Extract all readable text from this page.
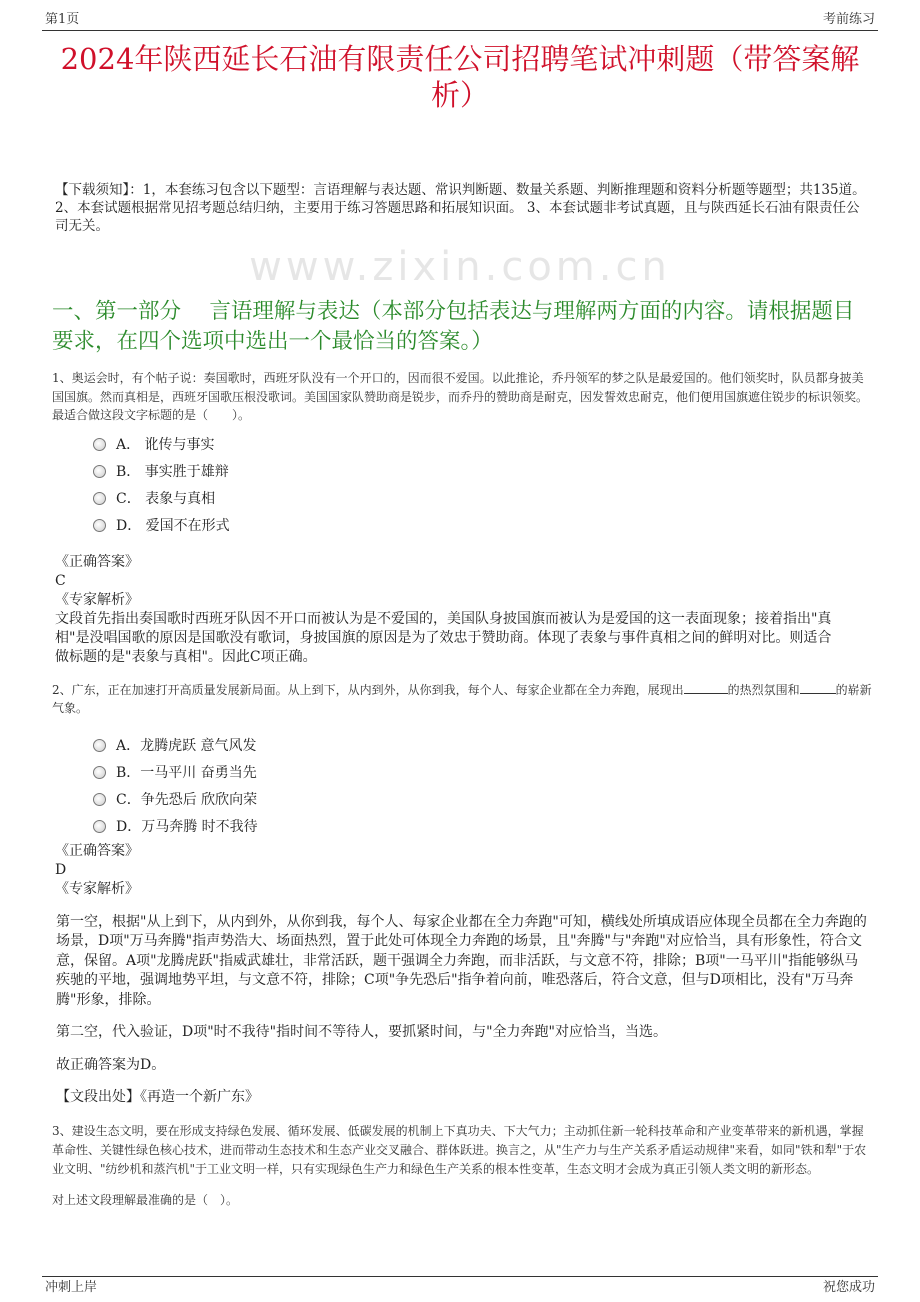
第1页	考前练习
2024年陕西延长石油有限责任公司招聘笔试冲刺题（带答案解析）
【下载须知】：1，本套练习包含以下题型：言语理解与表达题、常识判断题、数量关系题、判断推理题和资料分析题等题型；共135道。 2、本套试题根据常见招考题总结归纳，主要用于练习答题思路和拓展知识面。 3、本套试题非考试真题，且与陕西延长石油有限责任公司无关。
www.zixin.com.cn
一、第一部分　 言语理解与表达（本部分包括表达与理解两方面的内容。请根据题目要求，在四个选项中选出一个最恰当的答案。）
1、奥运会时，有个帖子说：奏国歌时，西班牙队没有一个开口的，因而很不爱国。以此推论，乔丹领军的梦之队是最爱国的。他们领奖时，队员都身披美国国旗。然而真相是，西班牙国歌压根没歌词。美国国家队赞助商是锐步，而乔丹的赞助商是耐克，因发誓效忠耐克，他们便用国旗遮住锐步的标识领奖。
最适合做这段文字标题的是（　　）。
A． 讹传与事实
B． 事实胜于雄辩
C． 表象与真相
D． 爱国不在形式
《正确答案》
C
《专家解析》
文段首先指出奏国歌时西班牙队因不开口而被认为是不爱国的，美国队身披国旗而被认为是爱国的这一表面现象；接着指出"真相"是没唱国歌的原因是国歌没有歌词，身披国旗的原因是为了效忠于赞助商。体现了表象与事件真相之间的鲜明对比。则适合做标题的是"表象与真相"。因此C项正确。
2、广东，正在加速打开高质量发展新局面。从上到下，从内到外，从你到我，每个人、每家企业都在全力奔跑，展现出	的热烈氛围和	的崭新气象。
A．龙腾虎跃 意气风发
B．一马平川 奋勇当先
C．争先恐后 欣欣向荣
D．万马奔腾 时不我待
《正确答案》
D
《专家解析》
第一空，根据"从上到下，从内到外，从你到我，每个人、每家企业都在全力奔跑"可知，横线处所填成语应体现全员都在全力奔跑的场景，D项"万马奔腾"指声势浩大、场面热烈，置于此处可体现全力奔跑的场景，且"奔腾"与"奔跑"对应恰当，具有形象性，符合文意，保留。A项"龙腾虎跃"指威武雄壮，非常活跃，题干强调全力奔跑，而非活跃，与文意不符，排除；B项"一马平川"指能够纵马疾驰的平地，强调地势平坦，与文意不符，排除；C项"争先恐后"指争着向前，唯恐落后，符合文意，但与D项相比，没有"万马奔腾"形象，排除。
第二空，代入验证，D项"时不我待"指时间不等待人，要抓紧时间，与"全力奔跑"对应恰当，当选。
故正确答案为D。
【文段出处】《再造一个新广东》
3、建设生态文明，要在形成支持绿色发展、循环发展、低碳发展的机制上下真功夫、下大气力；主动抓住新一轮科技革命和产业变革带来的新机遇，掌握革命性、关键性绿色核心技术，进而带动生态技术和生态产业交叉融合、群体跃进。换言之，从"生产力与生产关系矛盾运动规律"来看，如同"铁和犁"于农业文明、"纺纱机和蒸汽机"于工业文明一样，只有实现绿色生产力和绿色生产关系的根本性变革，生态文明才会成为真正引领人类文明的新形态。
对上述文段理解最准确的是（　）。
冲刺上岸	祝您成功
